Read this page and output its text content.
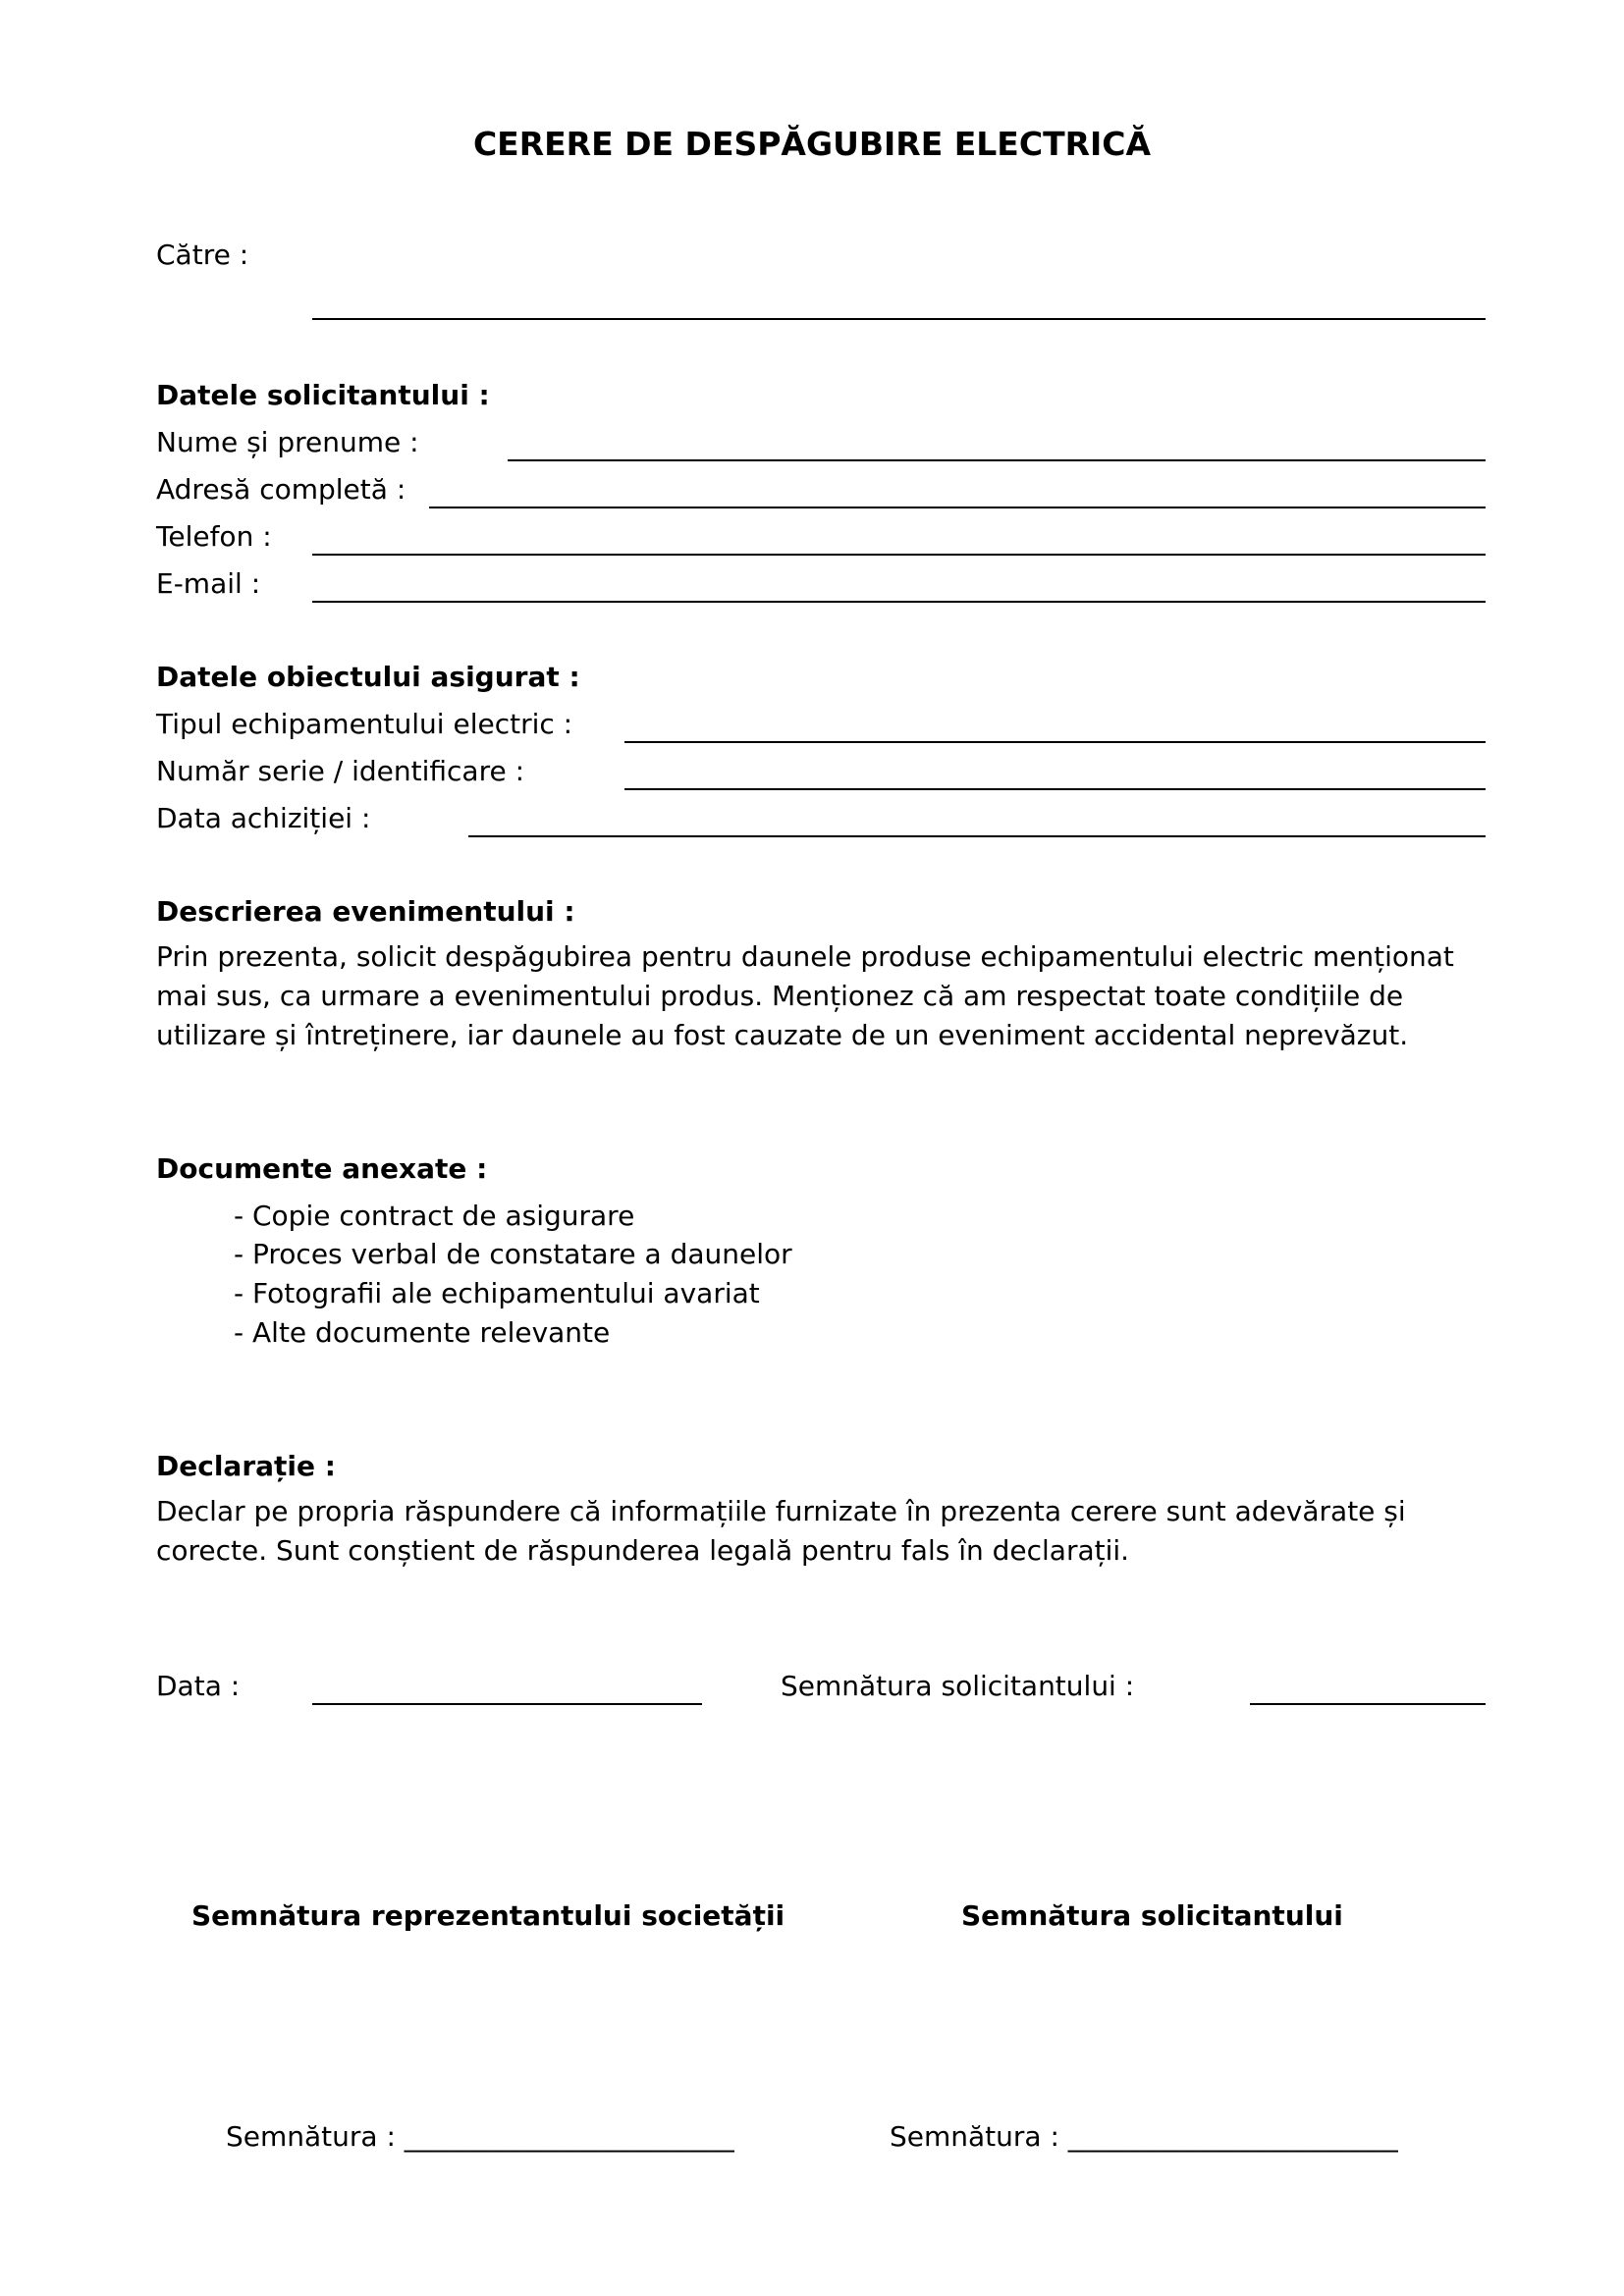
CERERE DE DESPĂGUBIRE ELECTRICĂ
Către :
Datele solicitantului :
Nume și prenume :
Adresă completă :
Telefon :
E-mail :
Datele obiectului asigurat :
Tipul echipamentului electric :
Număr serie / identificare :
Data achiziției :
Descrierea evenimentului :
Prin prezenta, solicit despăgubirea pentru daunele produse echipamentului electric menționat mai sus, ca urmare a evenimentului produs. Menționez că am respectat toate condițiile de utilizare și întreținere, iar daunele au fost cauzate de un eveniment accidental neprevăzut.
Documente anexate :
- Copie contract de asigurare
- Proces verbal de constatare a daunelor
- Fotografii ale echipamentului avariat
- Alte documente relevante
Declarație :
Declar pe propria răspundere că informațiile furnizate în prezenta cerere sunt adevărate și corecte. Sunt conștient de răspunderea legală pentru fals în declarații.
Data :	Semnătura solicitantului :
Semnătura reprezentantului societății	Semnătura solicitantului
Semnătura : ________________________	Semnătura : ________________________
